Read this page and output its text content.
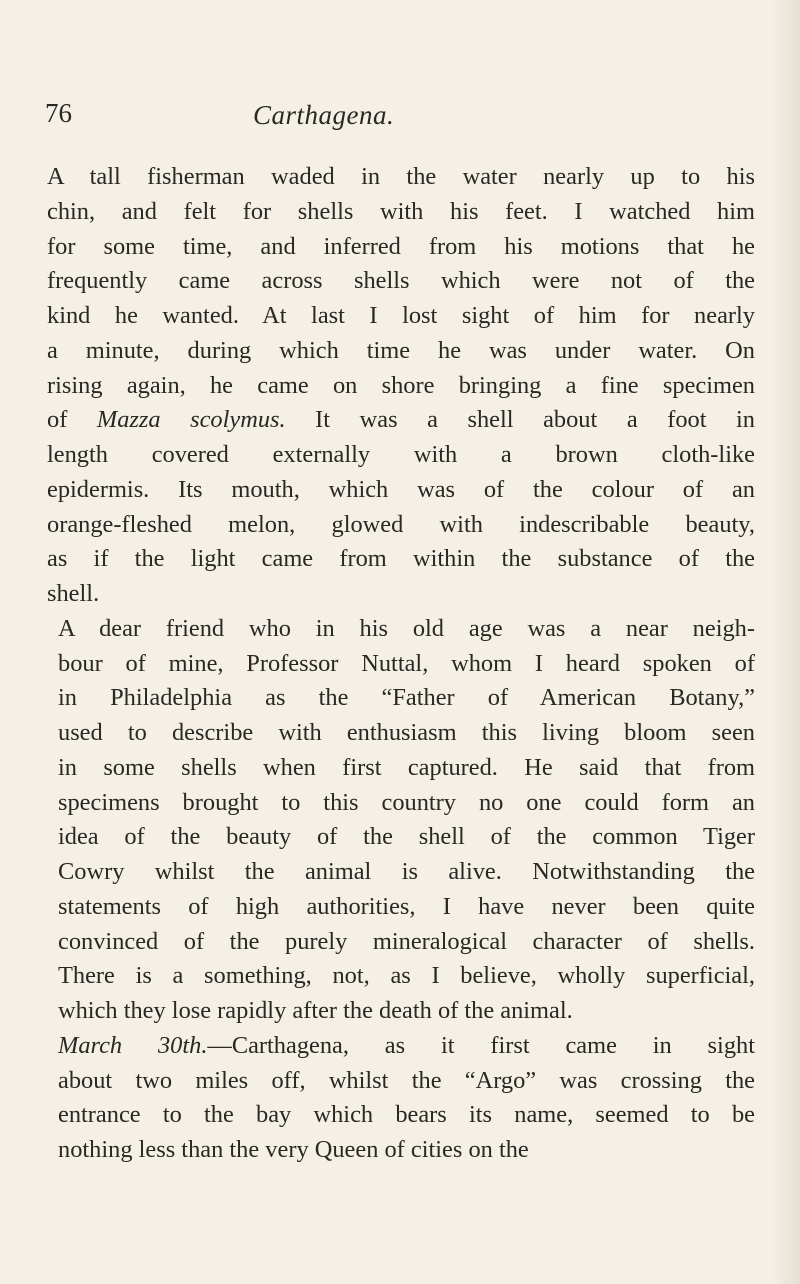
76	Carthagena.

A tall fisherman waded in the water nearly up to his
chin, and felt for shells with his feet. I watched him
for some time, and inferred from his motions that he
frequently came across shells which were not of the
kind he wanted. At last I lost sight of him for nearly
a minute, during which time he was under water. On
rising again, he came on shore bringing a fine specimen
of Mazza scolymus. It was a shell about a foot in
length covered externally with a brown cloth-like
epidermis. Its mouth, which was of the colour of an
orange-fleshed melon, glowed with indescribable beauty,
as if the light came from within the substance of the
shell.

A dear friend who in his old age was a near neigh-
bour of mine, Professor Nuttal, whom I heard spoken of
in Philadelphia as the “Father of American Botany,”
used to describe with enthusiasm this living bloom seen
in some shells when first captured. He said that from
specimens brought to this country no one could form an
idea of the beauty of the shell of the common Tiger
Cowry whilst the animal is alive. Notwithstanding the
statements of high authorities, I have never been quite
convinced of the purely mineralogical character of shells.
There is a something, not, as I believe, wholly superficial,
which they lose rapidly after the death of the animal.

March 30th.—Carthagena, as it first came in sight
about two miles off, whilst the “Argo” was crossing the
entrance to the bay which bears its name, seemed to be
nothing less than the very Queen of cities on the
